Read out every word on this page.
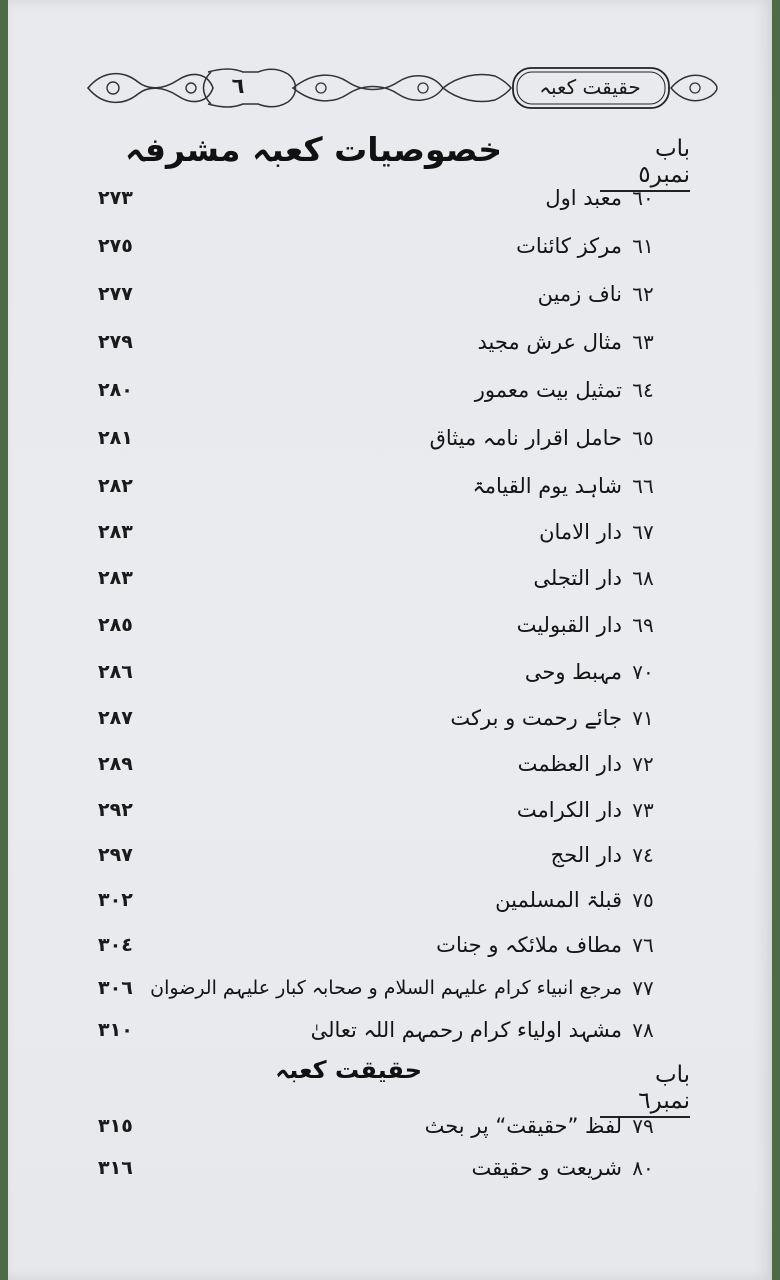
٦	حقیقت کعبہ
باب نمبر٥
خصوصیات کعبہ مشرفہ
٦٠
معبد اول
٢٧٣
٦١
مرکز کائنات
٢٧٥
٦٢
ناف زمین
٢٧٧
٦٣
مثال عرش مجید
٢٧٩
٦٤
تمثیل بیت معمور
٢٨٠
٦٥
حامل اقرار نامہ میثاق
٢٨١
٦٦
شاہد یوم القیامۃ
٢٨٢
٦٧
دار الامان
٢٨٣
٦٨
دار التجلی
٢٨٣
٦٩
دار القبولیت
٢٨٥
٧٠
مہبط وحی
٢٨٦
٧١
جائے رحمت و برکت
٢٨٧
٧٢
دار العظمت
٢٨٩
٧٣
دار الکرامت
٢٩٢
٧٤
دار الحج
٢٩٧
٧٥
قبلۃ المسلمین
٣٠٢
٧٦
مطاف ملائکہ و جنات
٣٠٤
٧٧
مرجع انبیاء کرام علیہم السلام و صحابہ کبار علیہم الرضوان
٣٠٦
٧٨
مشہد اولیاء کرام رحمہم اللہ تعالیٰ
٣١٠
باب نمبر٦
حقیقت کعبہ
٧٩
لفظ ”حقیقت“ پر بحث
٣١٥
٨٠
شریعت و حقیقت
٣١٦
